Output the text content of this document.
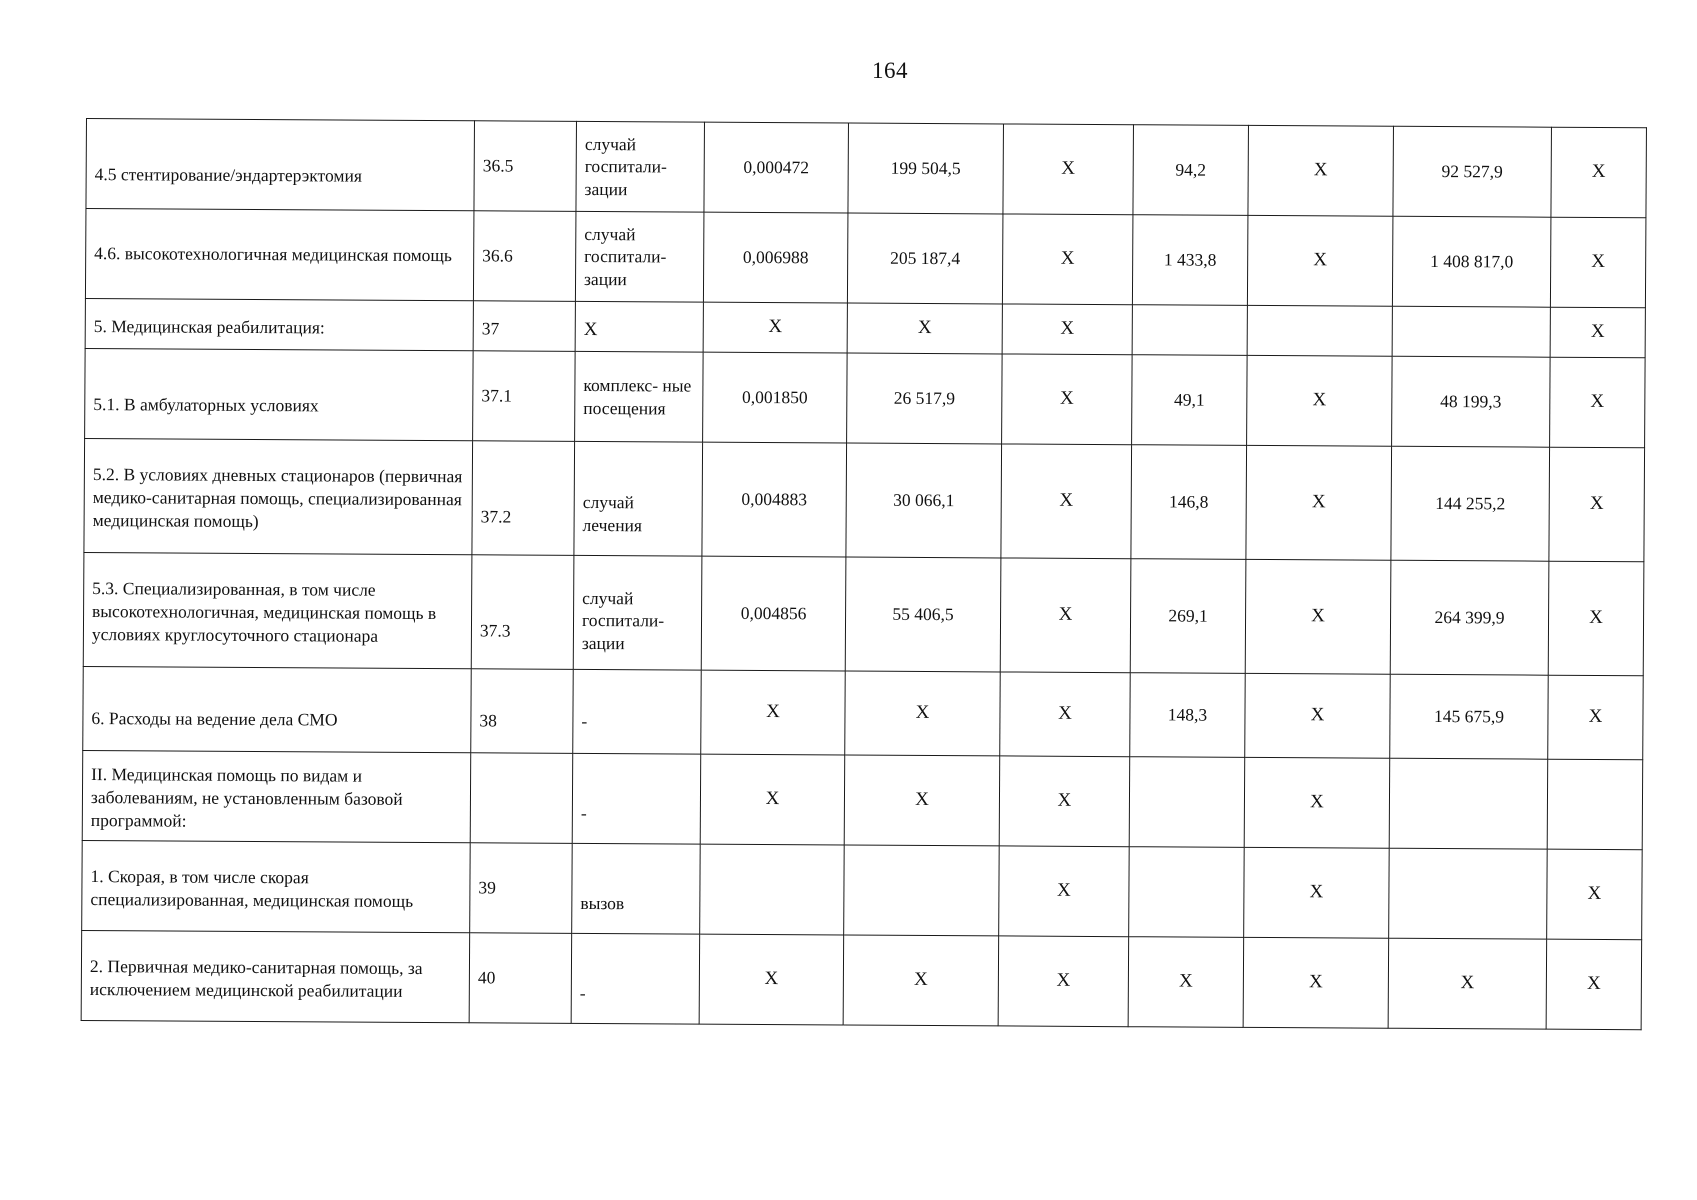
164
4.5 стентирование/эндартерэктомия	36.5	случай госпитали- зации	0,000472	199 504,5	X	94,2	X	92 527,9	X
4.6. высокотехнологичная медицинская помощь	36.6	случай госпитали- зации	0,006988	205 187,4	X	1 433,8	X	1 408 817,0	X
5. Медицинская реабилитация:	37	X	X	X	X				X
5.1. В амбулаторных условиях	37.1	комплекс- ные посещения	0,001850	26 517,9	X	49,1	X	48 199,3	X
5.2. В условиях дневных стационаров (первичная медико-санитарная помощь, специализированная медицинская помощь)	37.2	случай лечения	0,004883	30 066,1	X	146,8	X	144 255,2	X
5.3. Специализированная, в том числе высокотехнологичная, медицинская помощь в условиях круглосуточного стационара	37.3	случай госпитали- зации	0,004856	55 406,5	X	269,1	X	264 399,9	X
6. Расходы на ведение дела СМО	38	-	X	X	X	148,3	X	145 675,9	X
II. Медицинская помощь по видам и заболеваниям, не установленным базовой программой:		-	X	X	X		X		
1. Скорая, в том числе скорая специализированная, медицинская помощь	39	вызов			X		X		X
2. Первичная медико-санитарная помощь, за исключением медицинской реабилитации	40	-	X	X	X	X	X	X	X
